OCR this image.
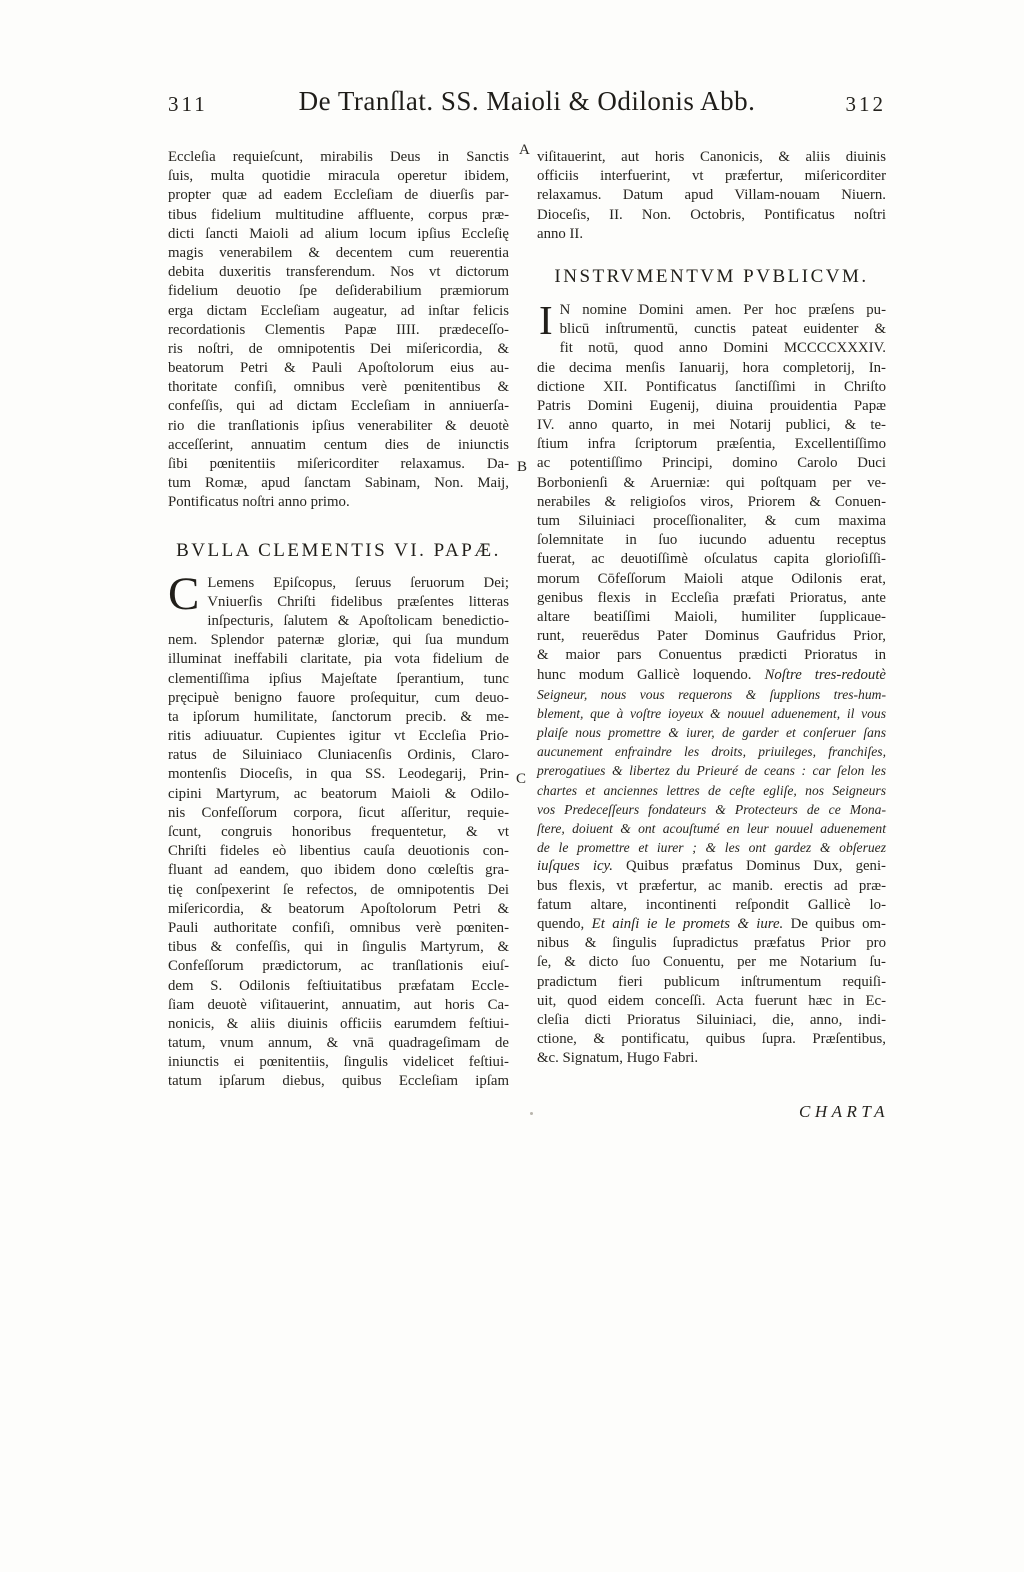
311	De Tranſlat. SS. Maioli & Odilonis Abb.	312
A
B
C
Eccleſia requieſcunt, mirabilis Deus in Sanctis
ſuis, multa quotidie miracula operetur ibidem,
propter quæ ad eadem Eccleſiam de diuerſis par-
tibus fidelium multitudine affluente, corpus præ-
dicti ſancti Maioli ad alium locum ipſius Eccleſię
magis venerabilem & decentem cum reuerentia
debita duxeritis transferendum. Nos vt dictorum
fidelium deuotio ſpe deſiderabilium præmiorum
erga dictam Eccleſiam augeatur, ad inſtar felicis
recordationis Clementis Papæ IIII. prædeceſſo-
ris noſtri, de omnipotentis Dei miſericordia, &
beatorum Petri & Pauli Apoſtolorum eius au-
thoritate confiſi, omnibus verè pœnitentibus &
confeſſis, qui ad dictam Eccleſiam in anniuerſa-
rio die tranſlationis ipſius venerabiliter & deuotè
acceſſerint, annuatim centum dies de iniunctis
ſibi pœnitentiis miſericorditer relaxamus. Da-
tum Romæ, apud ſanctam Sabinam, Non. Maij,
Pontificatus noſtri anno primo.
BVLLA CLEMENTIS VI. PAPÆ.
C Lemens Epiſcopus, ſeruus ſeruorum Dei;
Vniuerſis Chriſti fidelibus præſentes litteras
inſpecturis, ſalutem & Apoſtolicam benedictio-
nem. Splendor paternæ gloriæ, qui ſua mundum
illuminat ineffabili claritate, pia vota fidelium de
clementiſſima ipſius Majeſtate ſperantium, tunc
pręcipuè benigno fauore proſequitur, cum deuo-
ta ipſorum humilitate, ſanctorum precib. & me-
ritis adiuuatur. Cupientes igitur vt Eccleſia Prio-
ratus de Siluiniaco Cluniacenſis Ordinis, Claro-
montenſis Dioceſis, in qua SS. Leodegarij, Prin-
cipini Martyrum, ac beatorum Maioli & Odilo-
nis Confeſſorum corpora, ſicut aſſeritur, requie-
ſcunt, congruis honoribus frequentetur, & vt
Chriſti fideles eò libentius cauſa deuotionis con-
fluant ad eandem, quo ibidem dono cœleſtis gra-
tię conſpexerint ſe refectos, de omnipotentis Dei
miſericordia, & beatorum Apoſtolorum Petri &
Pauli authoritate confiſi, omnibus verè pœniten-
tibus & confeſſis, qui in ſingulis Martyrum, &
Confeſſorum prædictorum, ac tranſlationis eiuſ-
dem S. Odilonis feſtiuitatibus præfatam Eccle-
ſiam deuotè viſitauerint, annuatim, aut horis Ca-
nonicis, & aliis diuinis officiis earumdem feſtiui-
tatum, vnum annum, & vnā quadrageſimam de
iniunctis ei pœnitentiis, ſingulis videlicet feſtiui-
tatum ipſarum diebus, quibus Eccleſiam ipſam
viſitauerint, aut horis Canonicis, & aliis diuinis
officiis interfuerint, vt præfertur, miſericorditer
relaxamus. Datum apud Villam-nouam Niuern.
Dioceſis, II. Non. Octobris, Pontificatus noſtri
anno II.
INSTRVMENTVM PVBLICVM.
I N nomine Domini amen. Per hoc præſens pu-
blicū inſtrumentū, cunctis pateat euidenter &
fit notū, quod anno Domini MCCCCXXXIV.
die decima menſis Ianuarij, hora completorij, In-
dictione XII. Pontificatus ſanctiſſimi in Chriſto
Patris Domini Eugenij, diuina prouidentia Papæ
IV. anno quarto, in mei Notarij publici, & te-
ſtium infra ſcriptorum præſentia, Excellentiſſimo
ac potentiſſimo Principi, domino Carolo Duci
Borbonienſi & Aruerniæ: qui poſtquam per ve-
nerabiles & religioſos viros, Priorem & Conuen-
tum Siluiniaci proceſſionaliter, & cum maxima
ſolemnitate in ſuo iucundo aduentu receptus
fuerat, ac deuotiſſimè oſculatus capita glorioſiſſi-
morum Cōfeſſorum Maioli atque Odilonis erat,
genibus flexis in Eccleſia præfati Prioratus, ante
altare beatiſſimi Maioli, humiliter ſupplicaue-
runt, reuerēdus Pater Dominus Gaufridus Prior,
& maior pars Conuentus prædicti Prioratus in
hunc modum Gallicè loquendo. Noſtre tres-redoutè
Seigneur, nous vous requerons & ſupplions tres-hum-
blement, que à voſtre ioyeux & nouuel aduenement, il vous
plaiſe nous promettre & iurer, de garder et conſeruer ſans
aucunement enfraindre les droits, priuileges, franchiſes,
prerogatiues & libertez du Prieuré de ceans : car ſelon les
chartes et anciennes lettres de ceſte egliſe, nos Seigneurs
vos Predeceſſeurs fondateurs & Protecteurs de ce Mona-
ſtere, doiuent & ont acouſtumé en leur nouuel aduenement
de le promettre et iurer ; & les ont gardez & obſeruez
iuſques icy. Quibus præfatus Dominus Dux, geni-
bus flexis, vt præfertur, ac manib. erectis ad præ-
fatum altare, incontinenti reſpondit Gallicè lo-
quendo, Et ainſi ie le promets & iure. De quibus om-
nibus & ſingulis ſupradictus præfatus Prior pro
ſe, & dicto ſuo Conuentu, per me Notarium ſu-
pradictum fieri publicum inſtrumentum requiſi-
uit, quod eidem conceſſi. Acta fuerunt hæc in Ec-
cleſia dicti Prioratus Siluiniaci, die, anno, indi-
ctione, & pontificatu, quibus ſupra. Præſentibus,
&c. Signatum, Hugo Fabri.
CHARTA
